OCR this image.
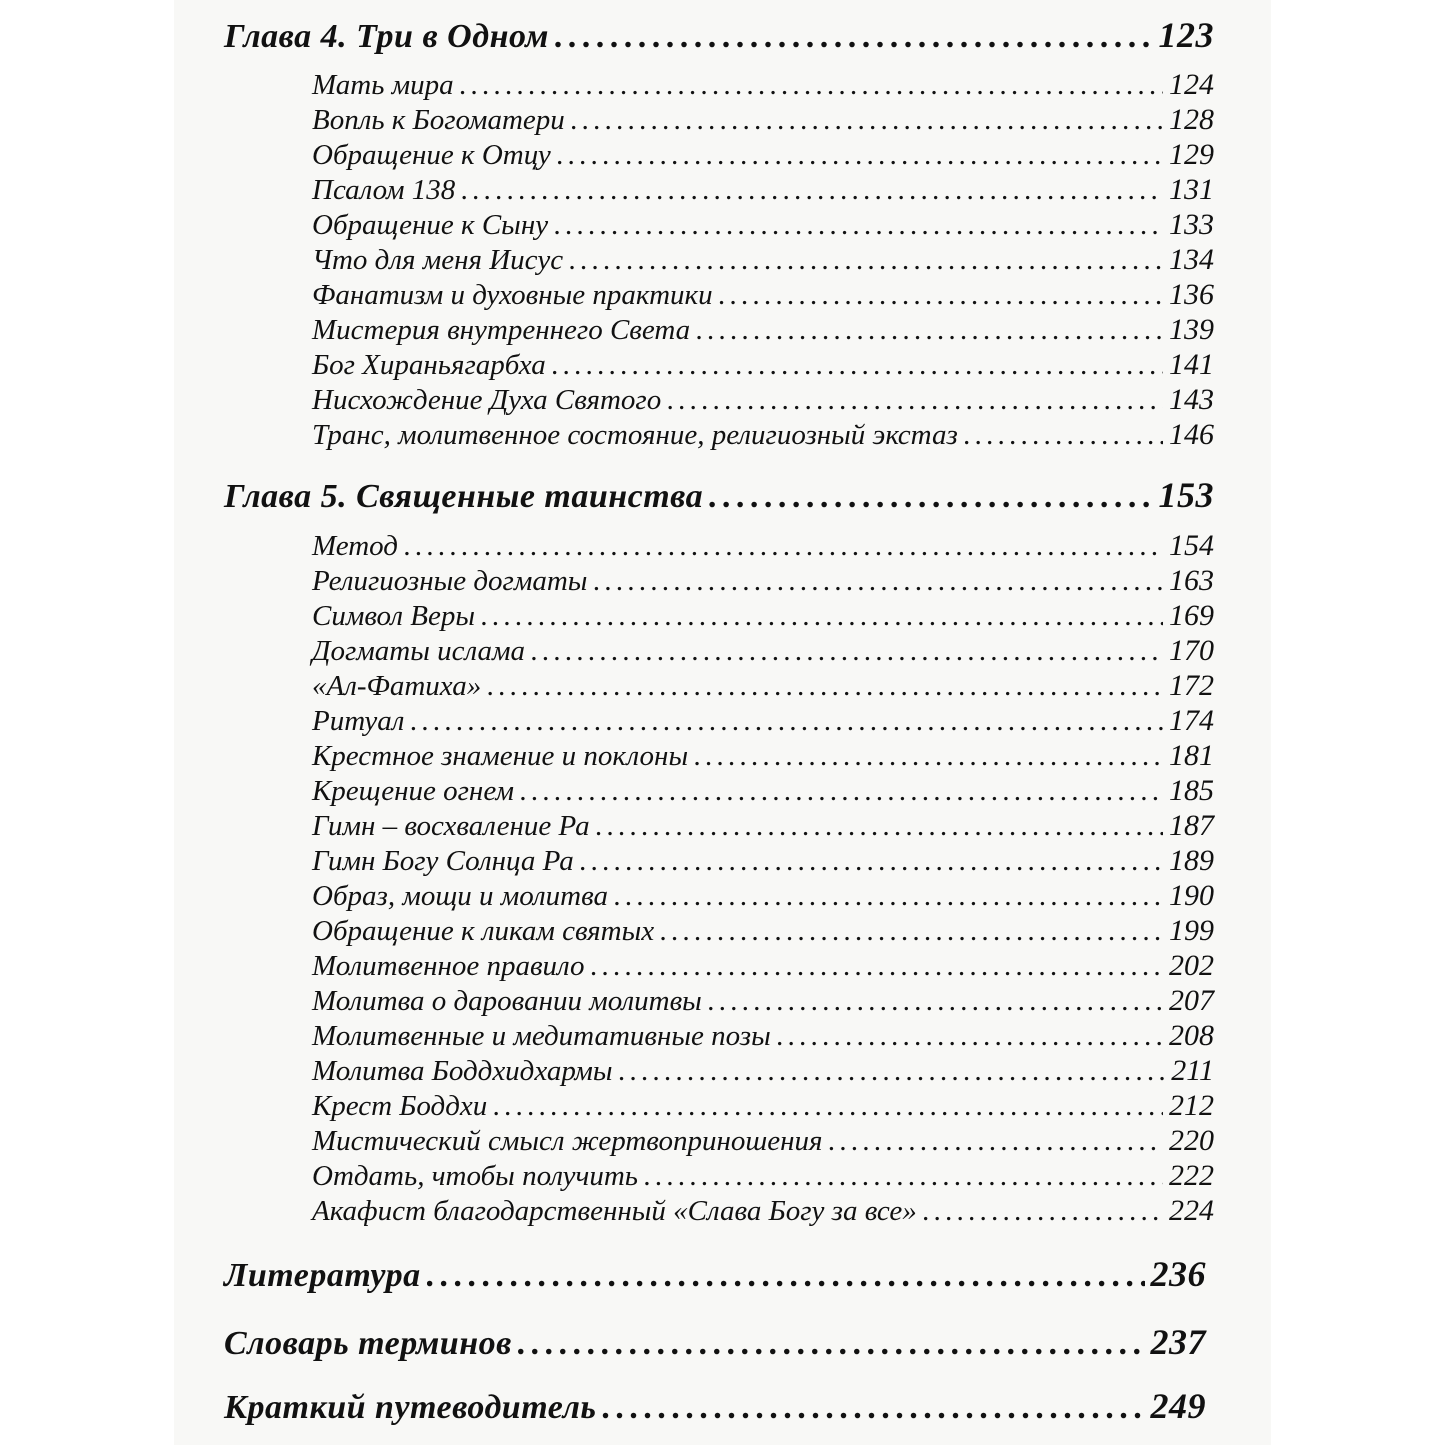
Глава 4. Три в Одном . . .	123
Мать мира . . .	124
Вопль к Богоматери . . .	128
Обращение к Отцу . . .	129
Псалом 138 . . .	131
Обращение к Сыну . . .	133
Что для меня Иисус . . .	134
Фанатизм и духовные практики . . .	136
Мистерия внутреннего Света . . .	139
Бог Хираньягарбха . . .	141
Нисхождение Духа Святого . . .	143
Транс, молитвенное состояние, религиозный экстаз . . .	146
Глава 5. Священные таинства . . .	153
Метод . . .	154
Религиозные догматы . . .	163
Символ Веры . . .	169
Догматы ислама . . .	170
«Ал-Фатиха» . . .	172
Ритуал . . .	174
Крестное знамение и поклоны . . .	181
Крещение огнем . . .	185
Гимн – восхваление Ра . . .	187
Гимн Богу Солнца Ра . . .	189
Образ, мощи и молитва . . .	190
Обращение к ликам святых . . .	199
Молитвенное правило . . .	202
Молитва о даровании молитвы . . .	207
Молитвенные и медитативные позы . . .	208
Молитва Боддхидхармы . . .	211
Крест Боддхи . . .	212
Мистический смысл жертвоприношения . . .	220
Отдать, чтобы получить . . .	222
Акафист благодарственный «Слава Богу за все» . . .	224
Литература . . .	236
Словарь терминов . . .	237
Краткий путеводитель . . .	249
